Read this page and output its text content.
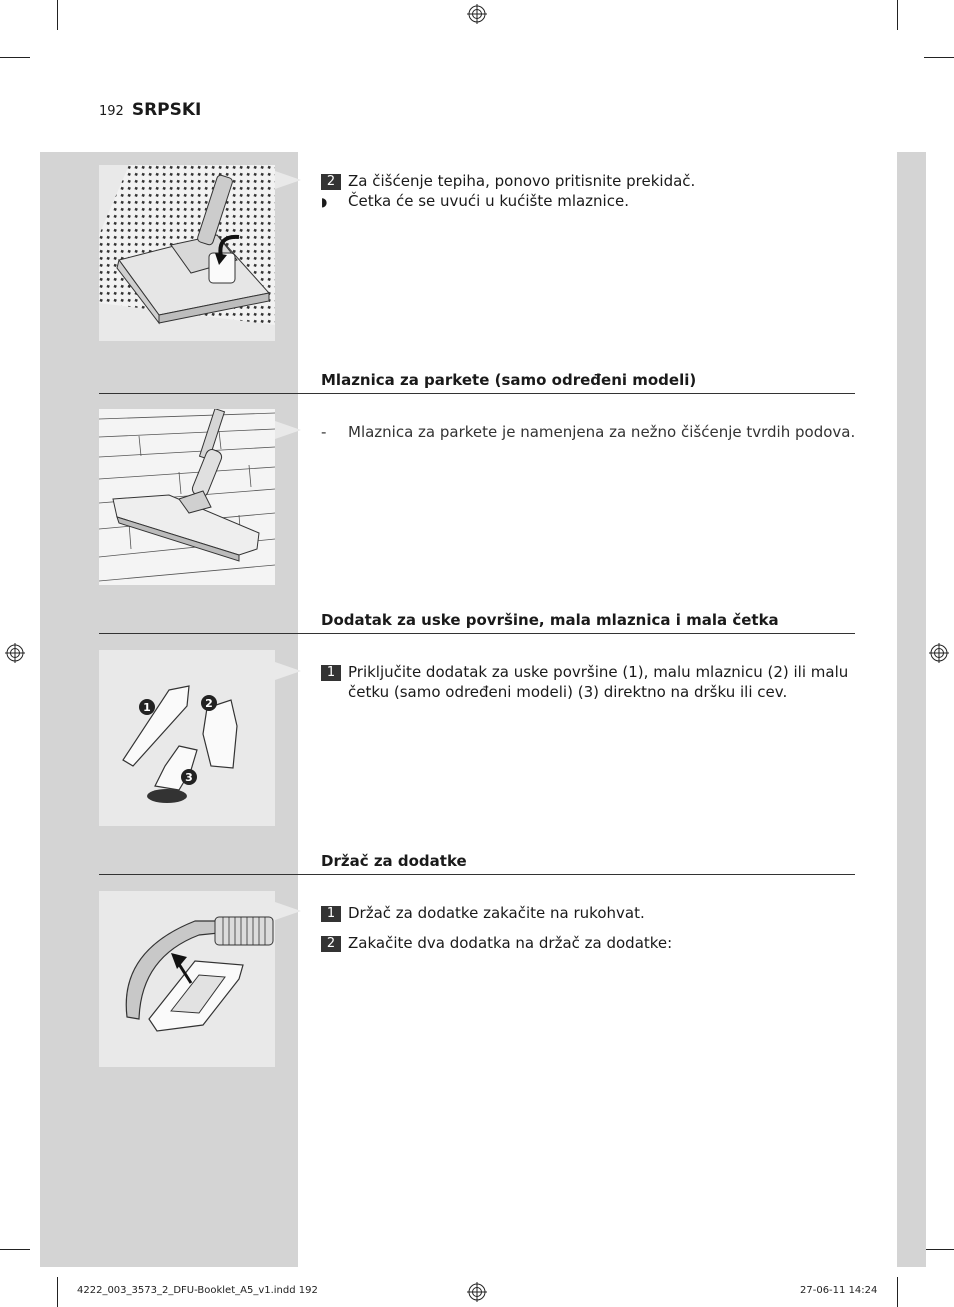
192 SRPSKI
2 Za čišćenje tepiha, ponovo pritisnite prekidač.
◗ Četka će se uvući u kućište mlaznice.
Mlaznica za parkete (samo određeni modeli)
- Mlaznica za parkete je namenjena za nežno čišćenje tvrdih podova.
Dodatak za uske površine, mala mlaznica i mala četka
1	2
3
1 Priključite dodatak za uske površine (1), malu mlaznicu (2) ili malu
četku (samo određeni modeli) (3) direktno na dršku ili cev.
Držač za dodatke
1 Držač za dodatke zakačite na rukohvat.
2 Zakačite dva dodatka na držač za dodatke:
4222_003_3573_2_DFU-Booklet_A5_v1.indd 192	27-06-11 14:24
